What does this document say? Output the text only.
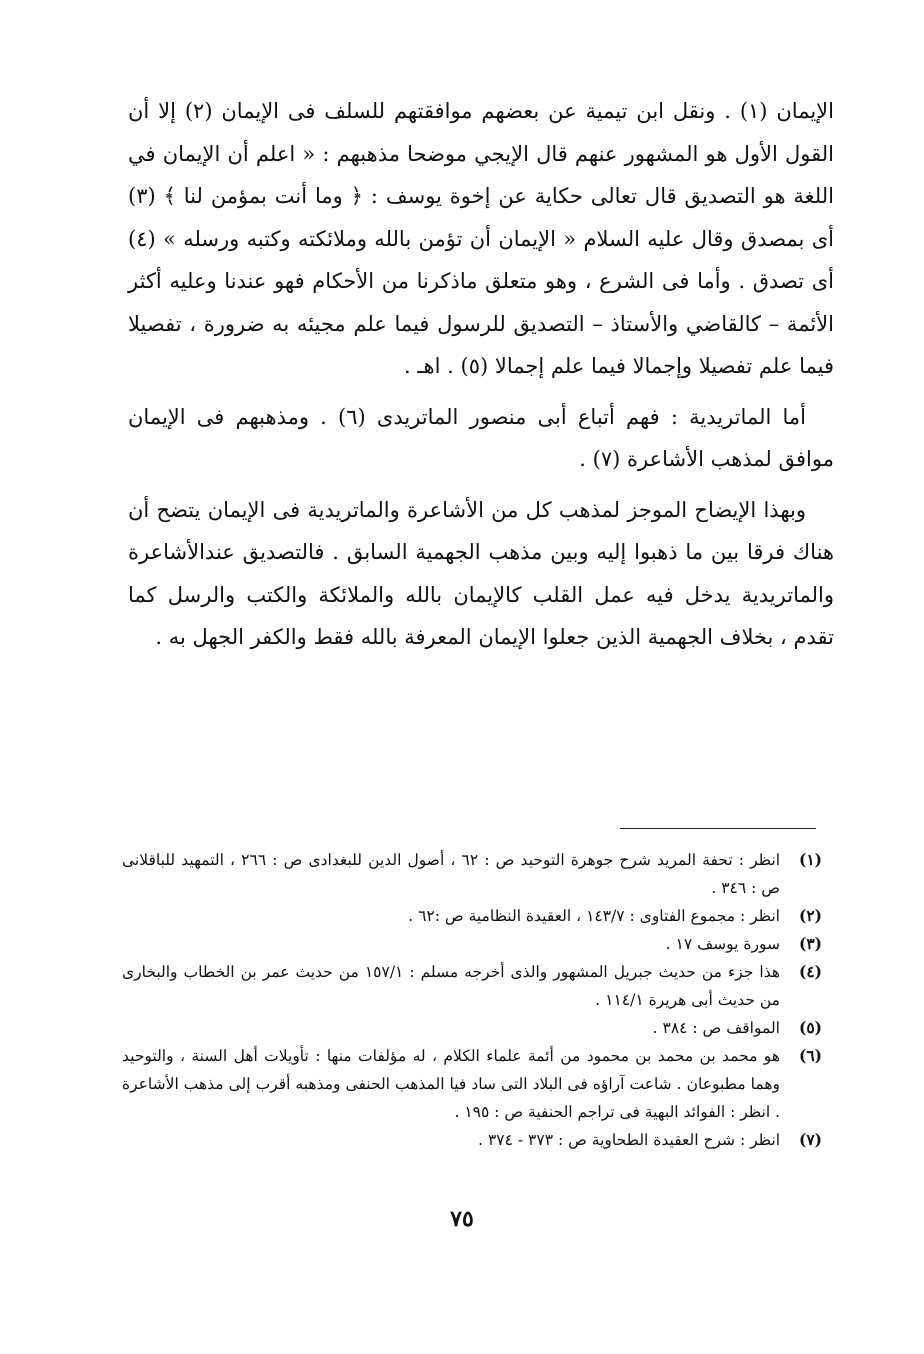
الإيمان (١) . ونقل ابن تيمية عن بعضهم موافقتهم للسلف فى الإيمان (٢) إلا أن القول الأول هو المشهور عنهم قال الإيجي موضحا مذهبهم : « اعلم أن الإيمان في اللغة هو التصديق قال تعالى حكاية عن إخوة يوسف : ﴿ وما أنت بمؤمن لنا ﴾ (٣) أى بمصدق وقال عليه السلام « الإيمان أن تؤمن بالله وملائكته وكتبه ورسله » (٤) أى تصدق . وأما فى الشرع ، وهو متعلق ماذكرنا من الأحكام فهو عندنا وعليه أكثر الأئمة – كالقاضي والأستاذ – التصديق للرسول فيما علم مجيئه به ضرورة ، تفصيلا فيما علم تفصيلا وإجمالا فيما علم إجمالا (٥) . اهـ .

أما الماتريدية : فهم أتباع أبى منصور الماتريدى (٦) . ومذهبهم فى الإيمان موافق لمذهب الأشاعرة (٧) .

وبهذا الإيضاح الموجز لمذهب كل من الأشاعرة والماتريدية فى الإيمان يتضح أن هناك فرقا بين ما ذهبوا إليه وبين مذهب الجهمية السابق . فالتصديق عندالأشاعرة والماتريدية يدخل فيه عمل القلب كالإيمان بالله والملائكة والكتب والرسل كما تقدم ، بخلاف الجهمية الذين جعلوا الإيمان المعرفة بالله فقط والكفر الجهل به .

(١)
انظر : تحفة المريد شرح جوهرة التوحيد ص : ٦٢ ، أصول الدين للبغدادى ص : ٢٦٦ ، التمهيد للباقلانى ص : ٣٤٦ .
(٢)
انظر : مجموع الفتاوى : ١٤٣/٧ ، العقيدة النظامية ص :٦٢ .
(٣)
سورة يوسف ١٧ .
(٤)
هذا جزء من حديث جبريل المشهور والذى أخرجه مسلم : ١٥٧/١ من حديث عمر بن الخطاب والبخارى من حديث أبى هريرة ١١٤/١ .
(٥)
المواقف ص : ٣٨٤ .
(٦)
هو محمد بن محمد بن محمود من أئمة علماء الكلام ، له مؤلفات منها : تأويلات أهل السنة ، والتوحيد وهما مطبوعان . شاعت آراؤه فى البلاد التى ساد فيا المذهب الحنفى ومذهبه أقرب إلى مذهب الأشاعرة . انظر : الفوائد البهية فى تراجم الحنفية ص : ١٩٥ .
(٧)
انظر : شرح العقيدة الطحاوية ص : ٣٧٣ - ٣٧٤ .
٧٥
